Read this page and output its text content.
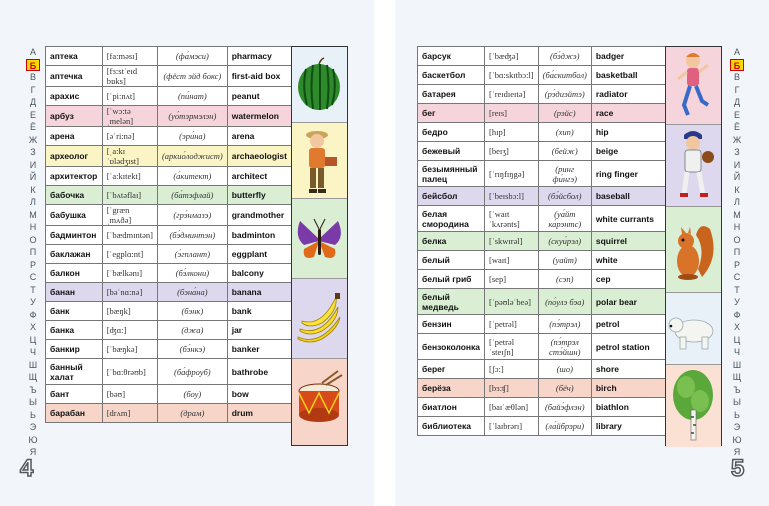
А
Б
В
Г
Д
Е
Ё
Ж
З
И
Й
К
Л
М
Н
О
П
Р
С
Т
У
Ф
Х
Ц
Ч
Ш
Щ
Ъ
Ы
Ь
Э
Ю
Я
аптека	[fa:məsɪ]	(фа́мэси)	pharmacy
аптечка	[fɜ:stˈeɪd bɒks]	(фёст эйд бокс)	first-aid box
арахис	[ˈpi:nʌt]	(пи́нат)	peanut
арбуз	[ˈwɔ:təˌmelən]	(уо́тэрмэлэн)	watermelon
арена	[əˈri:nə]	(эри́на)	arena
археолог	[ˌa:kɪˈɒlədʒɪst]	(аркио́лоджист)	archaeologist
архитектор	[ˈa:kɪtekt]	(а́китект)	architect
бабочка	[ˈbʌtəflaɪ]	(ба́тэфлай)	butterfly
бабушка	[ˈgrænˌmʌðə]	(грэ́нмазэ)	grandmother
бадминтон	[ˈbædmɪntən]	(бэ́дминтэн)	badminton
баклажан	[ˈegplɑ:nt]	(э́гплант)	eggplant
балкон	[ˈbælkənɪ]	(бэ́лкони)	balcony
банан	[bəˈnɑ:nə]	(бэна́на)	banana
банк	[bæŋk]	(бэнк)	bank
банка	[ʤɑ:]	(джа)	jar
банкир	[ˈbæŋkə]	(бэ́нкэ)	banker
банный халат	[ˈbɑ:θrəʊb]	(ба́фроуб)	bathrobe
бант	[bəʊ]	(боу)	bow
барабан	[drʌm]	(драм)	drum
4
барсук	[ˈbæʤə]	(бэ́джэ)	badger
баскетбол	[ˈbɑ:skɪtbɔ:l]	(ба́скитбол)	basketball
батарея	[ˈreɪdɪeɪtə]	(рэ́диэйтэ)	radiator
бег	[reɪs]	(рэйс)	race
бедро	[hɪp]	(хип)	hip
бежевый	[beɪʒ]	(бейж)	beige
безымянный палец	[ˈrɪŋfɪŋgə]	(ринг фи́нгэ)	ring finger
бейсбол	[ˈbeɪsbɔ:l]	(бэ́йсбол)	baseball
белая смородина	[ˈwaɪtˈkʌrənts]	(уа́йт ка́рэнтс)	white currants
белка	[ˈskwɪrəl]	(скуи́рэл)	squirrel
белый	[waɪt]	(уайт)	white
белый гриб	[sep]	(сэп)	cep
белый медведь	[ˈpəʊləˈbeə]	(по́улэ бэа)	polar bear
бензин	[ˈpetrəl]	(пэ́трэл)	petrol
бензоколонка	[ˈpetrəlˈsteɪʃn]	(пэ́трэл стэ́йшн)	petrol station
берег	[ʃɔ:]	(шо)	shore
берёза	[bɜ:ʧ]	(бёч)	birch
биатлон	[baɪˈæθlən]	(байэ́флэн)	biathlon
библиотека	[ˈlaɪbrərɪ]	(ла́йбрэри)	library
А
Б
В
Г
Д
Е
Ё
Ж
З
И
Й
К
Л
М
Н
О
П
Р
С
Т
У
Ф
Х
Ц
Ч
Ш
Щ
Ъ
Ы
Ь
Э
Ю
Я
5
